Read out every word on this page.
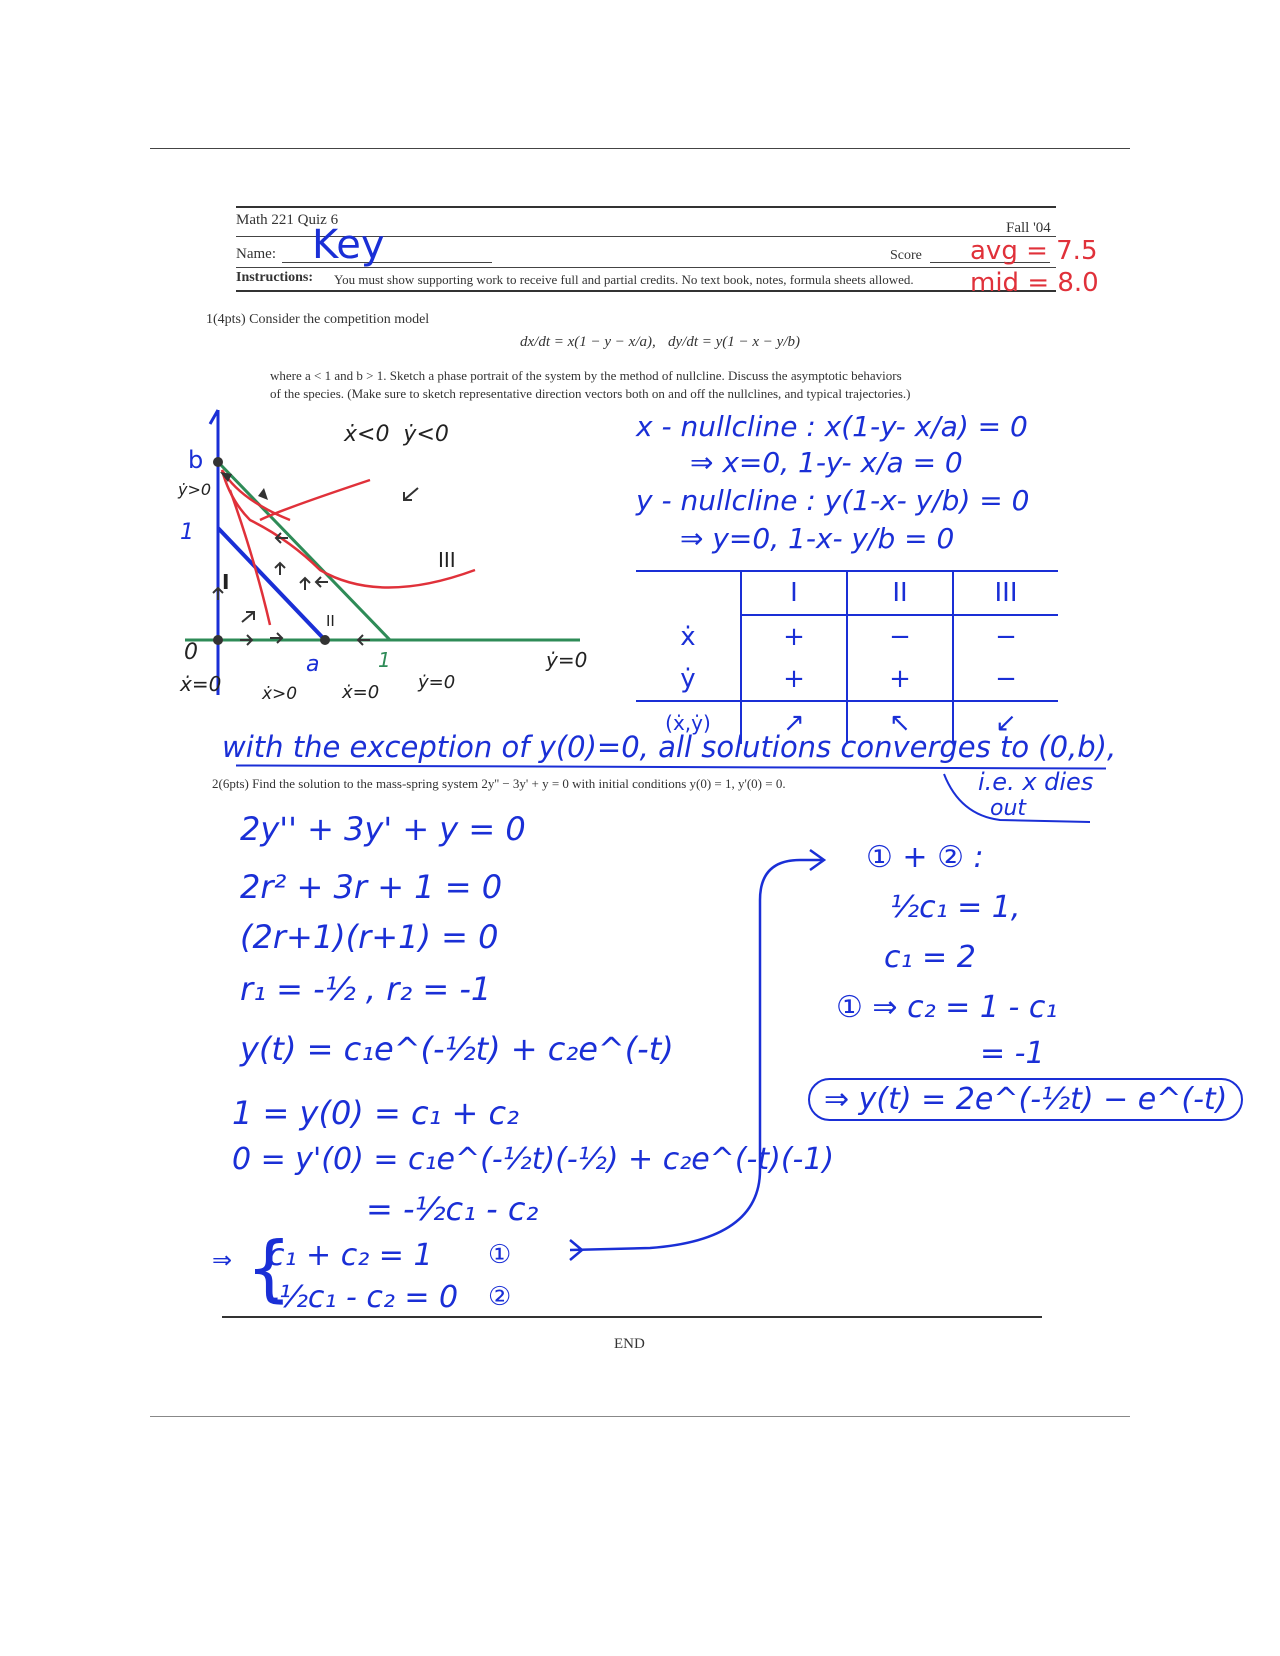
Math 221 Quiz 6	Fall '04
Name: Key	Score avg = 7.5
mid = 8.0
Instructions: You must show supporting work to receive full and partial credits. No text book, notes, formula sheets allowed.
1(4pts) Consider the competition model
dx/dt = x(1 − y − x/a), dy/dt = y(1 − x − y/b)
where a < 1 and b > 1. Sketch a phase portrait of the system by the method of nullcline. Discuss the asymptotic behaviors
of the species. (Make sure to sketch representative direction vectors both on and off the nullclines, and typical trajectories.)
b
ẏ>0
1
I
II
III
0	a	1
ẋ=0 ẋ>0 ẋ=0 ẏ=0
ẏ=0
ẋ<0  ẏ<0	x - nullcline : x(1-y- x/a) = 0
⇒ x=0, 1-y- x/a = 0
y - nullcline : y(1-x- y/b) = 0
⇒ y=0, 1-x- y/b = 0
	I	II	III
ẋ	+	−	−
ẏ	+	+	−
(ẋ,ẏ)	↗	↖	↙
with the exception of y(0)=0, all solutions converges to (0,b),
i.e. x dies
out
2(6pts) Find the solution to the mass-spring system 2y'' − 3y' + y = 0 with initial conditions y(0) = 1, y'(0) = 0.
2y'' + 3y' + y = 0
2r² + 3r + 1 = 0
(2r+1)(r+1) = 0
r₁ = -½ , r₂ = -1
y(t) = c₁e^(-½t) + c₂e^(-t)
1 = y(0) = c₁ + c₂
0 = y'(0) = c₁e^(-½t)(-½) + c₂e^(-t)(-1)
= -½c₁ - c₂
⇒ {
c₁ + c₂ = 1
-½c₁ - c₂ = 0
①
②
① + ② :
½c₁ = 1,
c₁ = 2
① ⇒ c₂ = 1 - c₁
= -1
⇒ y(t) = 2e^(-½t) − e^(-t)
END
